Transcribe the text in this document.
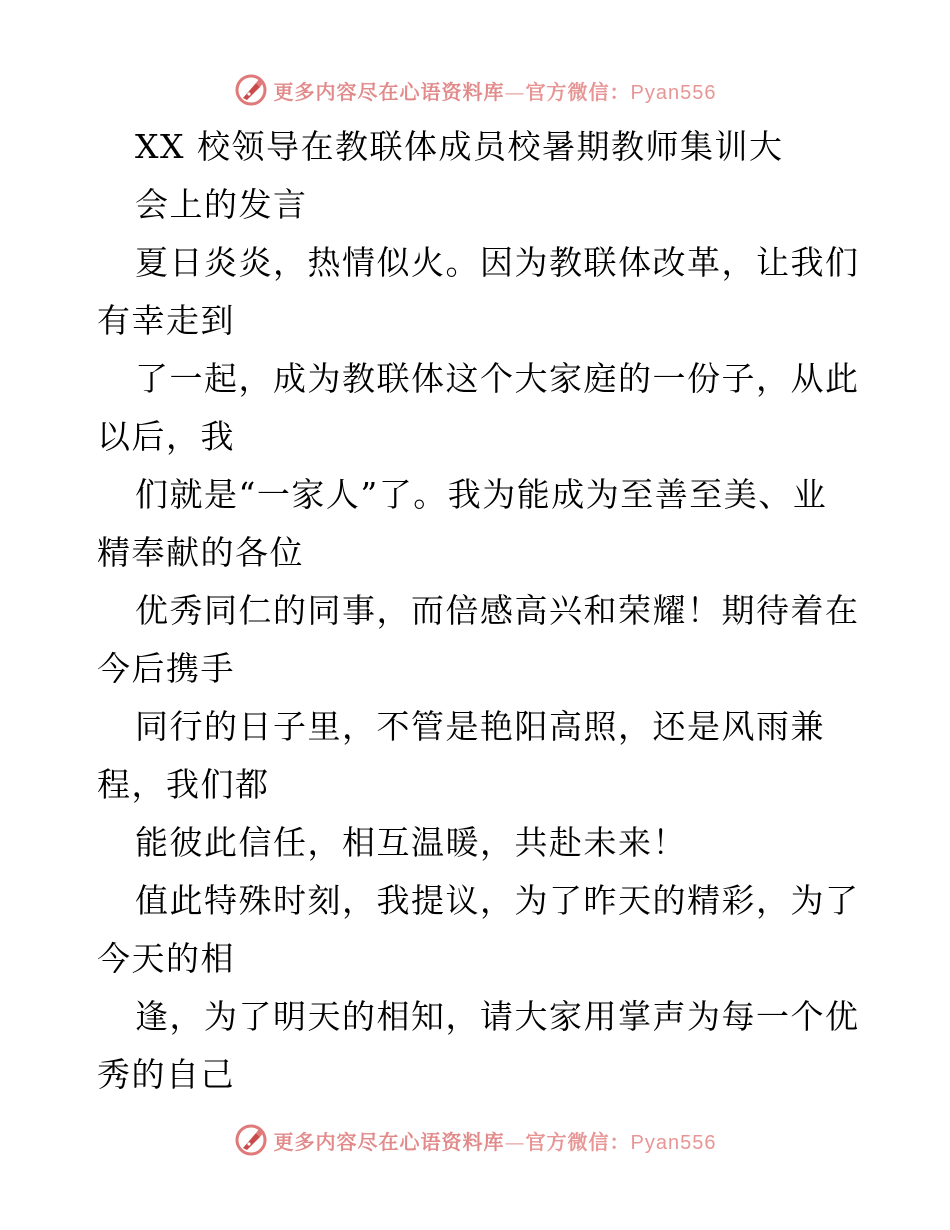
更多内容尽在心语资料库—官方微信：Pyan556
XX 校领导在教联体成员校暑期教师集训大
会上的发言
夏日炎炎，热情似火。因为教联体改革，让我们
有幸走到
了一起，成为教联体这个大家庭的一份子，从此
以后，我
们就是“一家人”了。我为能成为至善至美、业
精奉献的各位
优秀同仁的同事，而倍感高兴和荣耀！期待着在
今后携手
同行的日子里，不管是艳阳高照，还是风雨兼
程，我们都
能彼此信任，相互温暖，共赴未来！
值此特殊时刻，我提议，为了昨天的精彩，为了
今天的相
逢，为了明天的相知，请大家用掌声为每一个优
秀的自己
更多内容尽在心语资料库—官方微信：Pyan556
